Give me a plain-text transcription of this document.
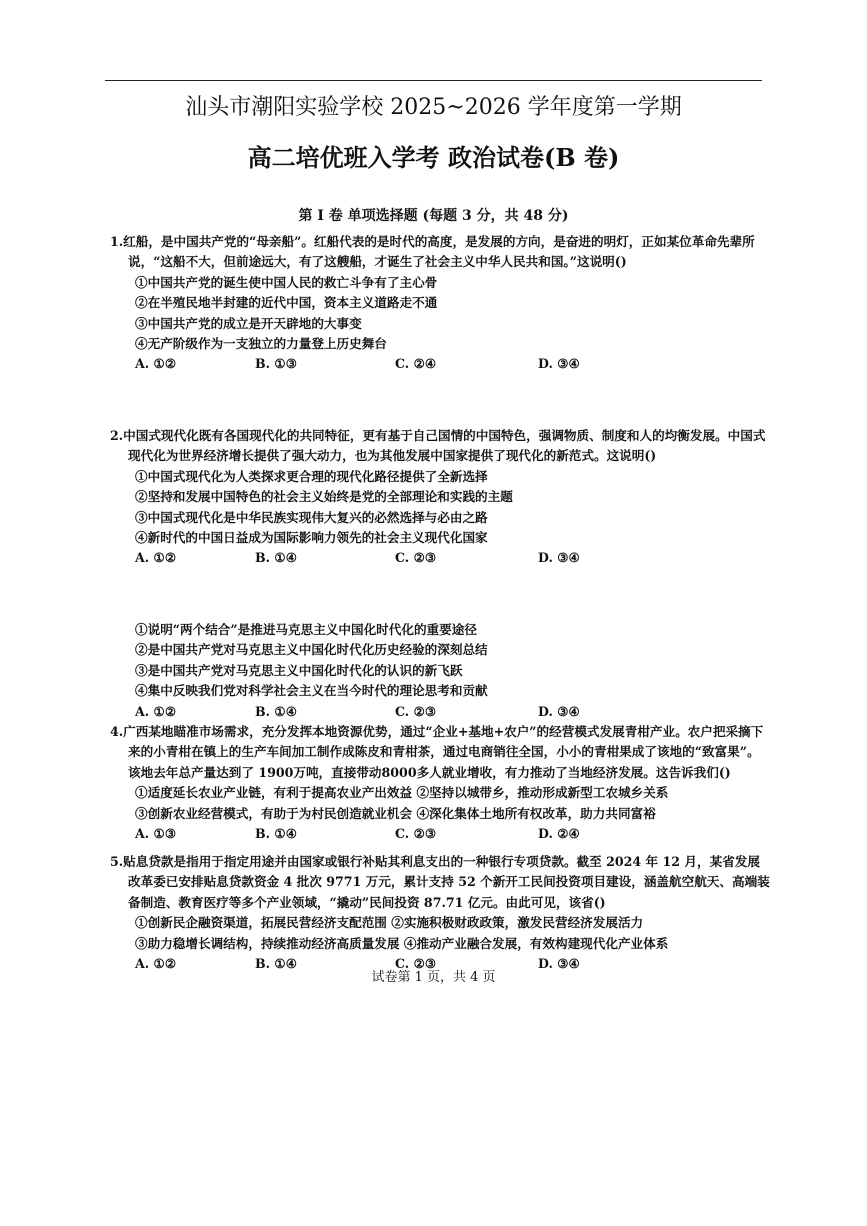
汕头市潮阳实验学校 2025~2026 学年度第一学期
高二培优班入学考 政治试卷(B 卷)
第 I 卷 单项选择题 (每题 3 分，共 48 分)

1.红船，是中国共产党的“母亲船”。红船代表的是时代的高度，是发展的方向，是奋进的明灯，正如某位革命先辈所说，“这船不大，但前途远大，有了这艘船，才诞生了社会主义中华人民共和国。”这说明()

①中国共产党的诞生使中国人民的救亡斗争有了主心骨

②在半殖民地半封建的近代中国，资本主义道路走不通

③中国共产党的成立是开天辟地的大事变

④无产阶级作为一支独立的力量登上历史舞台

A. ①②	B. ①③	C. ②④	D. ③④

2.中国式现代化既有各国现代化的共同特征，更有基于自己国情的中国特色，强调物质、制度和人的均衡发展。中国式现代化为世界经济增长提供了强大动力，也为其他发展中国家提供了现代化的新范式。这说明()

①中国式现代化为人类探求更合理的现代化路径提供了全新选择

②坚持和发展中国特色的社会主义始终是党的全部理论和实践的主题

③中国式现代化是中华民族实现伟大复兴的必然选择与必由之路

④新时代的中国日益成为国际影响力领先的社会主义现代化国家

A. ①②	B. ①④	C. ②③	D. ③④

①说明“两个结合”是推进马克思主义中国化时代化的重要途径

②是中国共产党对马克思主义中国化时代化历史经验的深刻总结

③是中国共产党对马克思主义中国化时代化的认识的新飞跃

④集中反映我们党对科学社会主义在当今时代的理论思考和贡献

A. ①②	B. ①④	C. ②③	D. ③④

4.广西某地瞄准市场需求，充分发挥本地资源优势，通过“企业+基地+农户”的经营模式发展青柑产业。农户把采摘下来的小青柑在镇上的生产车间加工制作成陈皮和青柑茶，通过电商销往全国，小小的青柑果成了该地的“致富果”。该地去年总产量达到了 1900万吨，直接带动8000多人就业增收，有力推动了当地经济发展。这告诉我们()

①适度延长农业产业链，有利于提高农业产出效益 ②坚持以城带乡，推动形成新型工农城乡关系

③创新农业经营模式，有助于为村民创造就业机会 ④深化集体土地所有权改革，助力共同富裕

A. ①③	B. ①④	C. ②③	D. ②④

5.贴息贷款是指用于指定用途并由国家或银行补贴其利息支出的一种银行专项贷款。截至 2024 年 12 月，某省发展改革委已安排贴息贷款资金 4 批次 9771 万元，累计支持 52 个新开工民间投资项目建设，涵盖航空航天、高端装备制造、教育医疗等多个产业领域，“撬动”民间投资 87.71 亿元。由此可见，该省()

①创新民企融资渠道，拓展民营经济支配范围 ②实施积极财政政策，激发民营经济发展活力

③助力稳增长调结构，持续推动经济高质量发展 ④推动产业融合发展，有效构建现代化产业体系

A. ①②	B. ①④	C. ②③	D. ③④
试卷第 1 页，共 4 页
